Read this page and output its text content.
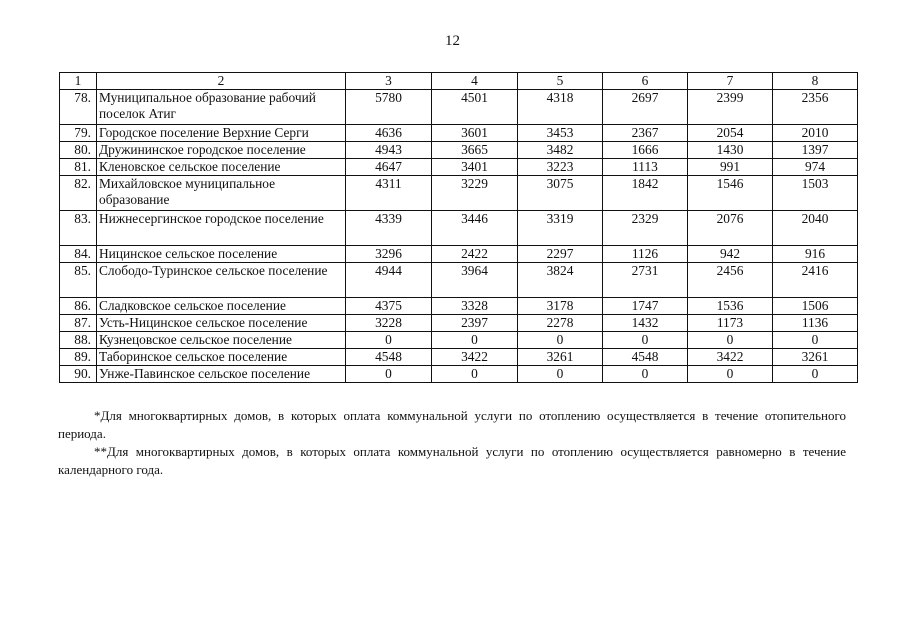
12
1	2	3	4	5	6	7	8
78.	Муниципальное образование рабочий поселок Атиг	5780	4501	4318	2697	2399	2356
79.	Городское поселение Верхние Серги	4636	3601	3453	2367	2054	2010
80.	Дружининское городское поселение	4943	3665	3482	1666	1430	1397
81.	Кленовское сельское поселение	4647	3401	3223	1113	991	974
82.	Михайловское муниципальное образование	4311	3229	3075	1842	1546	1503
83.	Нижнесергинское городское поселение	4339	3446	3319	2329	2076	2040
84.	Ницинское сельское поселение	3296	2422	2297	1126	942	916
85.	Слободо-Туринское сельское поселение	4944	3964	3824	2731	2456	2416
86.	Сладковское сельское поселение	4375	3328	3178	1747	1536	1506
87.	Усть-Ницинское сельское поселение	3228	2397	2278	1432	1173	1136
88.	Кузнецовское сельское поселение	0	0	0	0	0	0
89.	Таборинское сельское поселение	4548	3422	3261	4548	3422	3261
90.	Унже-Павинское сельское поселение	0	0	0	0	0	0
*Для многоквартирных домов, в которых оплата коммунальной услуги по отоплению осуществляется в течение отопительного периода.
**Для многоквартирных домов, в которых оплата коммунальной услуги по отоплению осуществляется равномерно в течение календарного года.
